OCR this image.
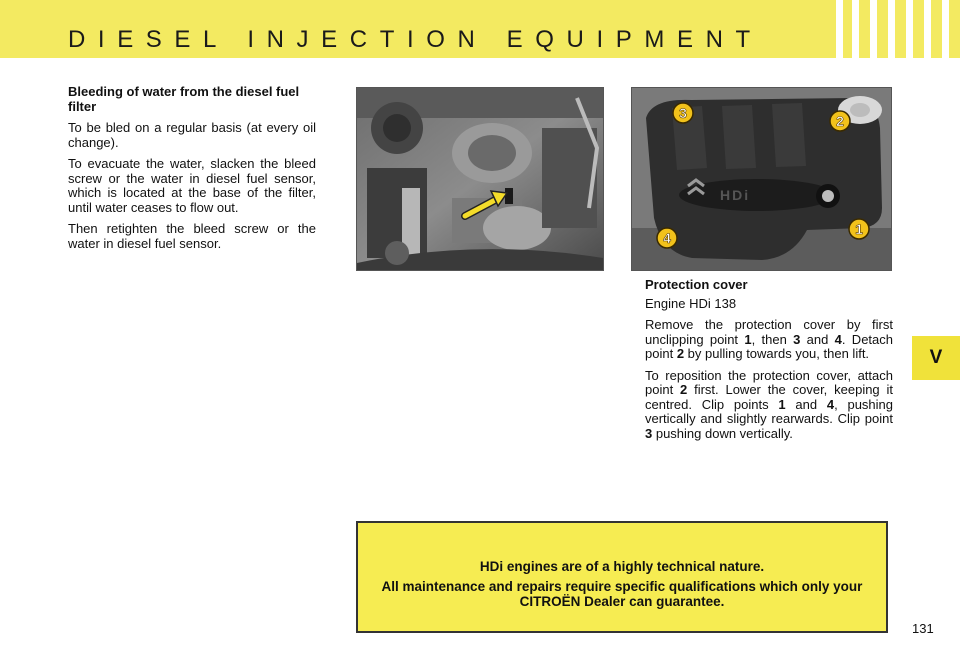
DIESEL INJECTION EQUIPMENT
V

Bleeding of water from the diesel fuel filter

To be bled on a regular basis (at every oil change).

To evacuate the water, slacken the bleed screw or the water in diesel fuel sensor, which is located at the base of the filter, until water ceases to flow out.

Then retighten the bleed screw or the water in diesel fuel sensor.

HDi
1
2
3
4

Protection cover

Engine HDi 138

Remove the protection cover by first unclipping point 1, then 3 and 4. Detach point 2 by pulling towards you, then lift.

To reposition the protection cover, attach point 2 first. Lower the cover, keeping it centred. Clip points 1 and 4, pushing vertically and slightly rearwards. Clip point 3 pushing down vertically.

HDi engines are of a highly technical nature.

All maintenance and repairs require specific qualifications which only your CITROËN Dealer can guarantee.

131
